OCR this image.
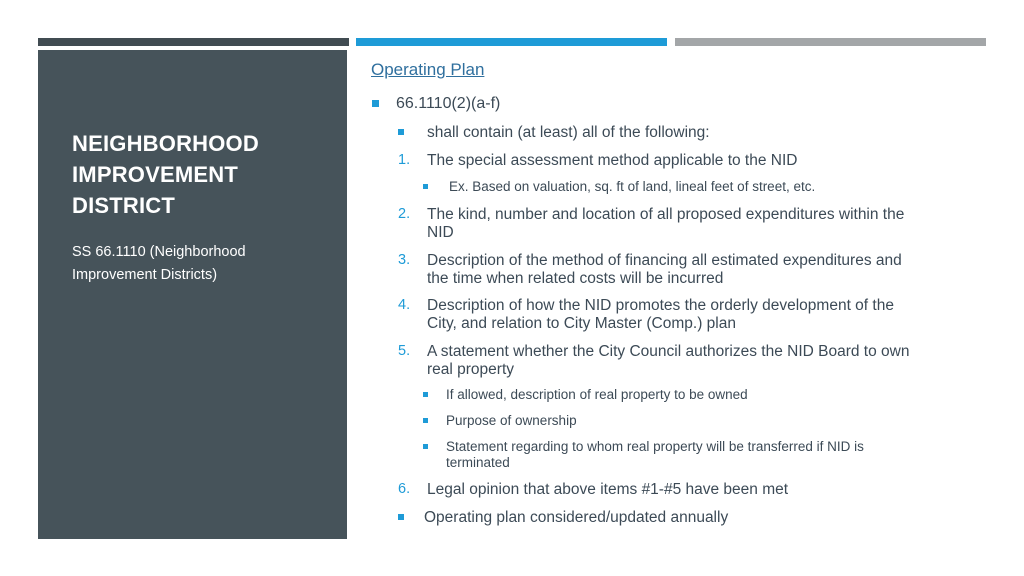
NEIGHBORHOOD
IMPROVEMENT
DISTRICT
SS 66.1110 (Neighborhood
Improvement Districts)
Operating Plan
66.1110(2)(a-f)
shall contain (at least) all of the following:
1. The special assessment method applicable to the NID
Ex. Based on valuation, sq. ft of land, lineal feet of street, etc.
2. The kind, number and location of all proposed expenditures within the
NID
3. Description of the method of financing all estimated expenditures and
the time when related costs will be incurred
4. Description of how the NID promotes the orderly development of the
City, and relation to City Master (Comp.) plan
5. A statement whether the City Council authorizes the NID Board to own
real property
If allowed, description of real property to be owned
Purpose of ownership
Statement regarding to whom real property will be transferred if NID is
terminated
6. Legal opinion that above items #1-#5 have been met
Operating plan considered/updated annually
